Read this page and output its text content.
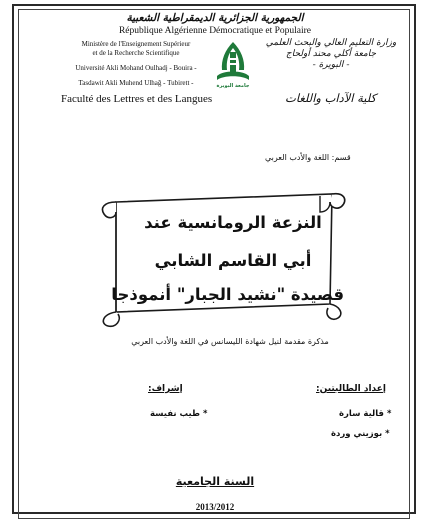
الجمهورية الجزائرية الديمقراطية الشعبية
République Algérienne Démocratique et Populaire
Ministère de l'Enseignement Supérieur
et de la Recherche Scientifique
Université Akli Mohand Oulhadj - Bouira -
Tasdawit Akli Muhend Ulhağ - Tubirett -
وزارة التعليم العالي والبحث العلمي
جامعة أكلي محند أولحاج
- البويرة -
جامعة البويرة
Faculté des Lettres et des Langues	كلية الآداب واللغات
قسم: اللغة والأدب العربي
النزعة الرومانسية عند
أبي القاسم الشابي
قصيدة "نشيد الجبار" أنموذجا
مذكرة مقدمة لنيل شهادة الليسانس في اللغة والأدب العربي
إعداد الطالبتين:
* قالية سارة
* بوزيني وردة
إشراف:
* طيب نفيسة
السنة الجامعية
2013/2012
